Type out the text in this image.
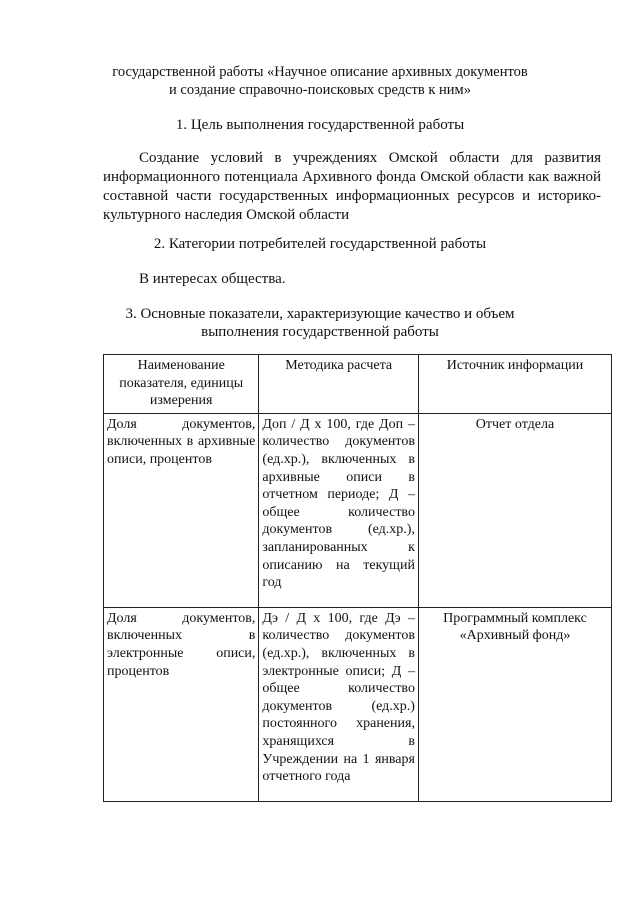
государственной работы «Научное описание архивных документов
и создание справочно-поисковых средств к ним»
1. Цель выполнения государственной работы
Создание условий в учреждениях Омской области для развития информационного потенциала Архивного фонда Омской области как важной составной части государственных информационных ресурсов и историко-культурного наследия Омской области
2. Категории потребителей государственной работы
В интересах общества.
3. Основные показатели, характеризующие качество и объем
выполнения государственной работы
Наименование показателя, единицы измерения	Методика расчета	Источник информации
Доля документов, включенных в архивные описи, процентов	Доп / Д х 100, где Доп – количество документов (ед.хр.), включенных в архивные описи в отчетном периоде; Д – общее количество документов (ед.хр.), запланированных к описанию на текущий год	Отчет отдела
Доля документов, включенных в электронные описи, процентов	Дэ / Д х 100, где Дэ – количество документов (ед.хр.), включенных в электронные описи; Д – общее количество документов (ед.хр.) постоянного хранения, хранящихся в Учреждении на 1 января отчетного года	Программный комплекс «Архивный фонд»
